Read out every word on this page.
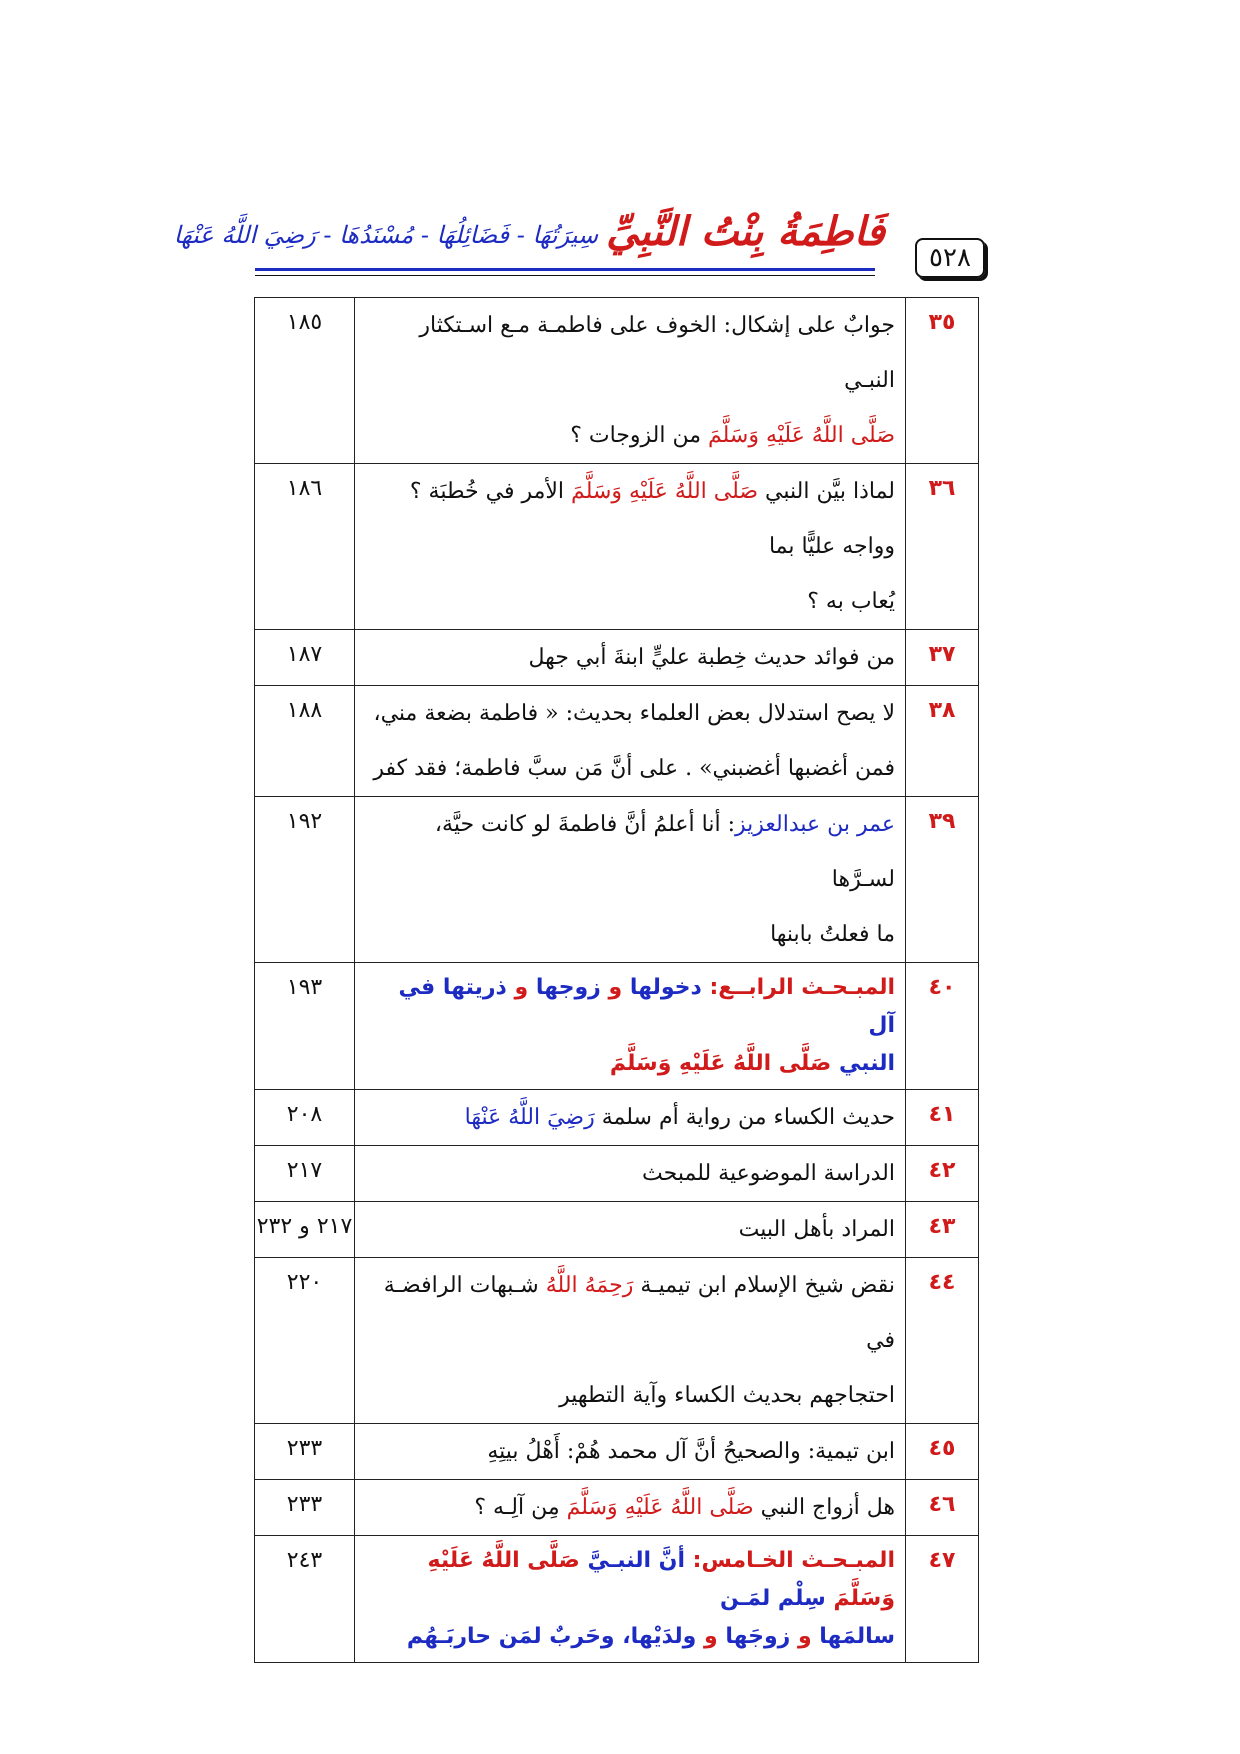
٥٢٨
فَاطِمَةُ بِنْتُ النَّبِيِّ
سِيرَتُهَا - فَضَائِلُهَا - مُسْنَدُهَا - رَضِيَ اللَّهُ عَنْهَا
٣٥	جوابٌ على إشكال: الخوف على فاطمـة مـع اسـتكثار النبـي
صَلَّى اللَّهُ عَلَيْهِ وَسَلَّمَ من الزوجات ؟	١٨٥
٣٦	لماذا بيَّن النبي صَلَّى اللَّهُ عَلَيْهِ وَسَلَّمَ الأمر في خُطبَة ؟ وواجه عليًّا بما
يُعاب به ؟	١٨٦
٣٧	من فوائد حديث خِطبة عليٍّ ابنةَ أبي جهل	١٨٧
٣٨	لا يصح استدلال بعض العلماء بحديث: « فاطمة بضعة مني،
فمن أغضبها أغضبني» . على أنَّ مَن سبَّ فاطمة؛ فقد كفر	١٨٨
٣٩	عمر بن عبدالعزيز: أنا أعلمُ أنَّ فاطمةَ لو كانت حيَّة، لسـرَّها
ما فعلتُ بابنها	١٩٢
٤٠	المبـحـث الرابــع: دخولها و زوجها و ذريتها في آل
النبي صَلَّى اللَّهُ عَلَيْهِ وَسَلَّمَ	١٩٣
٤١	حديث الكساء من رواية أم سلمة رَضِيَ اللَّهُ عَنْهَا	٢٠٨
٤٢	الدراسة الموضوعية للمبحث	٢١٧
٤٣	المراد بأهل البيت	٢١٧ و ٢٣٢
٤٤	نقض شيخ الإسلام ابن تيميـة رَحِمَهُ اللَّهُ شـبهات الرافضـة في
احتجاجهم بحديث الكساء وآية التطهير	٢٢٠
٤٥	ابن تيمية: والصحيحُ أنَّ آل محمد هُمْ: أَهْلُ بيتِهِ	٢٣٣
٤٦	هل أزواج النبي صَلَّى اللَّهُ عَلَيْهِ وَسَلَّمَ مِن آلِـه ؟	٢٣٣
٤٧	المبـحـث الخـامس: أنَّ النبـيَّ صَلَّى اللَّهُ عَلَيْهِ وَسَلَّمَ سِلْم لمَـن
سالمَها و زوجَها و ولدَيْها، وحَربٌ لمَن حاربَـهُم	٢٤٣
